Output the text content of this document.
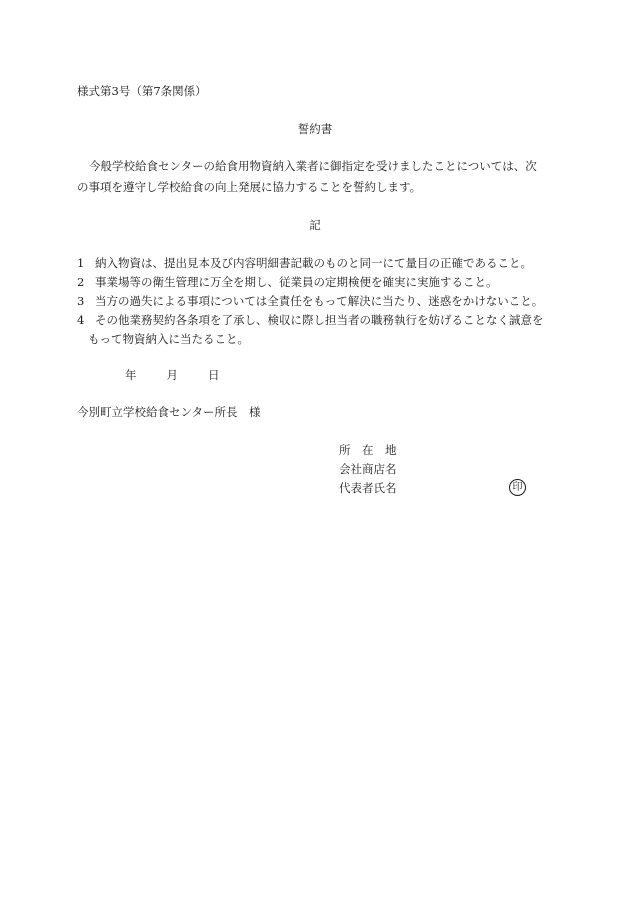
様式第3号（第7条関係）
誓約書
今般学校給食センターの給食用物資納入業者に御指定を受けましたことについては、次
の事項を遵守し学校給食の向上発展に協力することを誓約します。
記
1 納入物資は、提出見本及び内容明細書記載のものと同一にて量目の正確であること。
2 事業場等の衛生管理に万全を期し、従業員の定期検便を確実に実施すること。
3 当方の過失による事項については全責任をもって解決に当たり、迷惑をかけないこと。
4 その他業務契約各条項を了承し、検収に際し担当者の職務執行を妨げることなく誠意を
もって物資納入に当たること。
年	月	日
今別町立学校給食センター所長　様
所　在　地
会社商店名
代表者氏名	印
